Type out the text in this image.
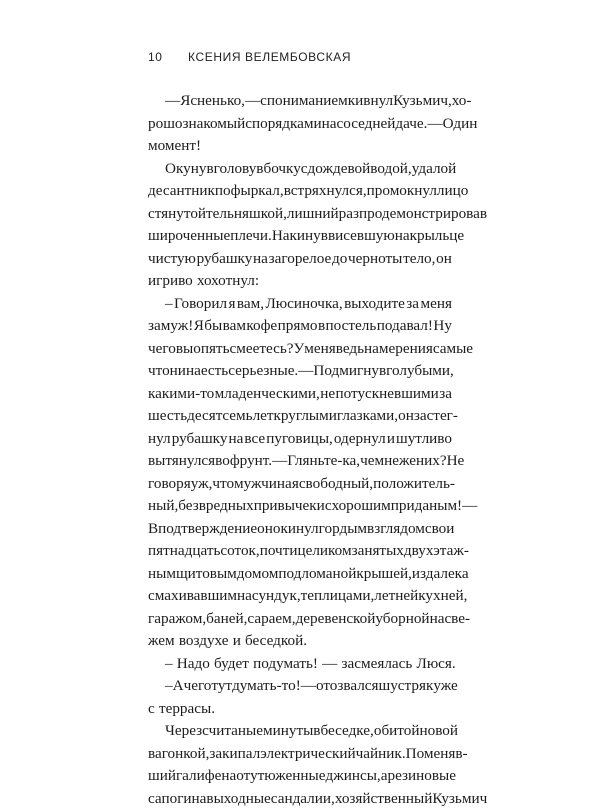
10	КСЕНИЯ ВЕЛЕМБОВСКАЯ
— Ясненько, — с пониманием кивнул Кузьмич, хо-
рошо знакомый с порядками на соседней даче. — Один
момент!
Окунув голову в бочку с дождевой водой, удалой
десантник пофыркал, встряхнулся, промокнул лицо
стянутой тельняшкой, лишний раз продемонстрировав
широченные плечи. Накинув висевшую на крыльце
чистую рубашку на загорелое до черноты тело, он
игриво хохотнул:
– Говорил я вам, Люсиночка, выходите за меня
замуж! Я бы вам кофе прямо в постель подавал! Ну
чего вы опять смеетесь? У меня ведь намерения самые
что ни на есть серьезные. — Подмигнув голубыми,
какими-то младенческими, не потускневшими за
шестьдесят семь лет круглыми глазками, он застег-
нул рубашку на все пуговицы, одернул и шутливо
вытянулся во фрунт. — Гляньте-ка, чем не жених? Не
говоря уж, что мужчина я свободный, положитель-
ный, без вредных привычек и с хорошим приданым! —
В подтверждение он окинул гордым взглядом свои
пятнадцать соток, почти целиком занятых двухэтаж-
ным щитовым домом под ломаной крышей, издалека
смахивавшим на сундук, теплицами, летней кухней,
гаражом, баней, сараем, деревенской уборной на све-
жем воздухе и беседкой.
– Надо будет подумать! — засмеялась Люся.
– А чего тут думать-то! — отозвался шустряк уже
с террасы.
Через считаные минуты в беседке, обитой новой
вагонкой, закипал электрический чайник. Поменяв-
ший галифе на отутюженные джинсы, а резиновые
сапоги на выходные сандалии, хозяйственный Кузьмич
